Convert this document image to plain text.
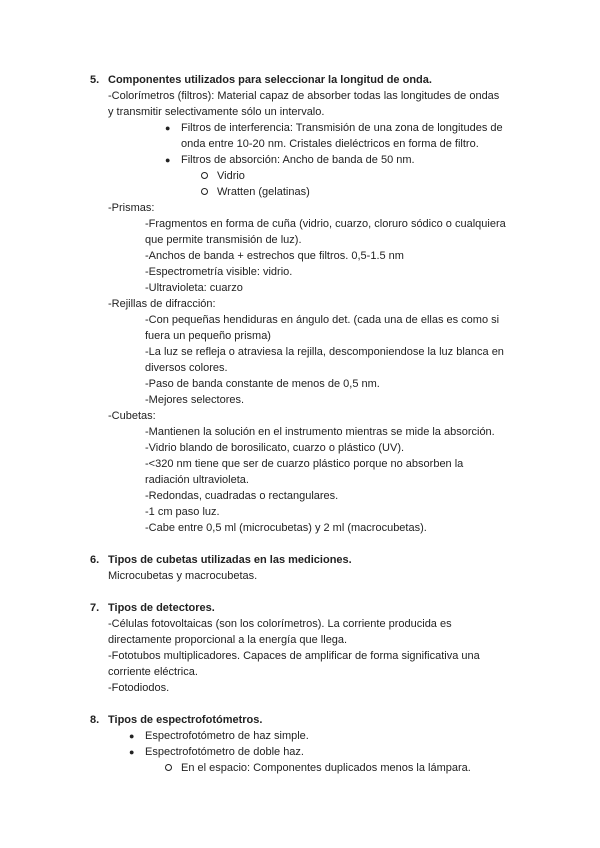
5. Componentes utilizados para seleccionar la longitud de onda.
-Colorímetros (filtros): Material capaz de absorber todas las longitudes de ondas
y transmitir selectivamente sólo un intervalo.
● Filtros de interferencia: Transmisión de una zona de longitudes de
onda entre 10-20 nm. Cristales dieléctricos en forma de filtro.
● Filtros de absorción: Ancho de banda de 50 nm.
Vidrio
Wratten (gelatinas)
-Prismas:
-Fragmentos en forma de cuña (vidrio, cuarzo, cloruro sódico o cualquiera
que permite transmisión de luz).
-Anchos de banda + estrechos que filtros. 0,5-1.5 nm
-Espectrometría visible: vidrio.
-Ultravioleta: cuarzo
-Rejillas de difracción:
-Con pequeñas hendiduras en ángulo det. (cada una de ellas es como si
fuera un pequeño prisma)
-La luz se refleja o atraviesa la rejilla, descomponiendose la luz blanca en
diversos colores.
-Paso de banda constante de menos de 0,5 nm.
-Mejores selectores.
-Cubetas:
-Mantienen la solución en el instrumento mientras se mide la absorción.
-Vidrio blando de borosilicato, cuarzo o plástico (UV).
-<320 nm tiene que ser de cuarzo plástico porque no absorben la
radiación ultravioleta.
-Redondas, cuadradas o rectangulares.
-1 cm paso luz.
-Cabe entre 0,5 ml (microcubetas) y 2 ml (macrocubetas).
6. Tipos de cubetas utilizadas en las mediciones.
Microcubetas y macrocubetas.
7. Tipos de detectores.
-Células fotovoltaicas (son los colorímetros). La corriente producida es
directamente proporcional a la energía que llega.
-Fototubos multiplicadores. Capaces de amplificar de forma significativa una
corriente eléctrica.
-Fotodiodos.
8. Tipos de espectrofotómetros.
● Espectrofotómetro de haz simple.
● Espectrofotómetro de doble haz.
En el espacio: Componentes duplicados menos la lámpara.
